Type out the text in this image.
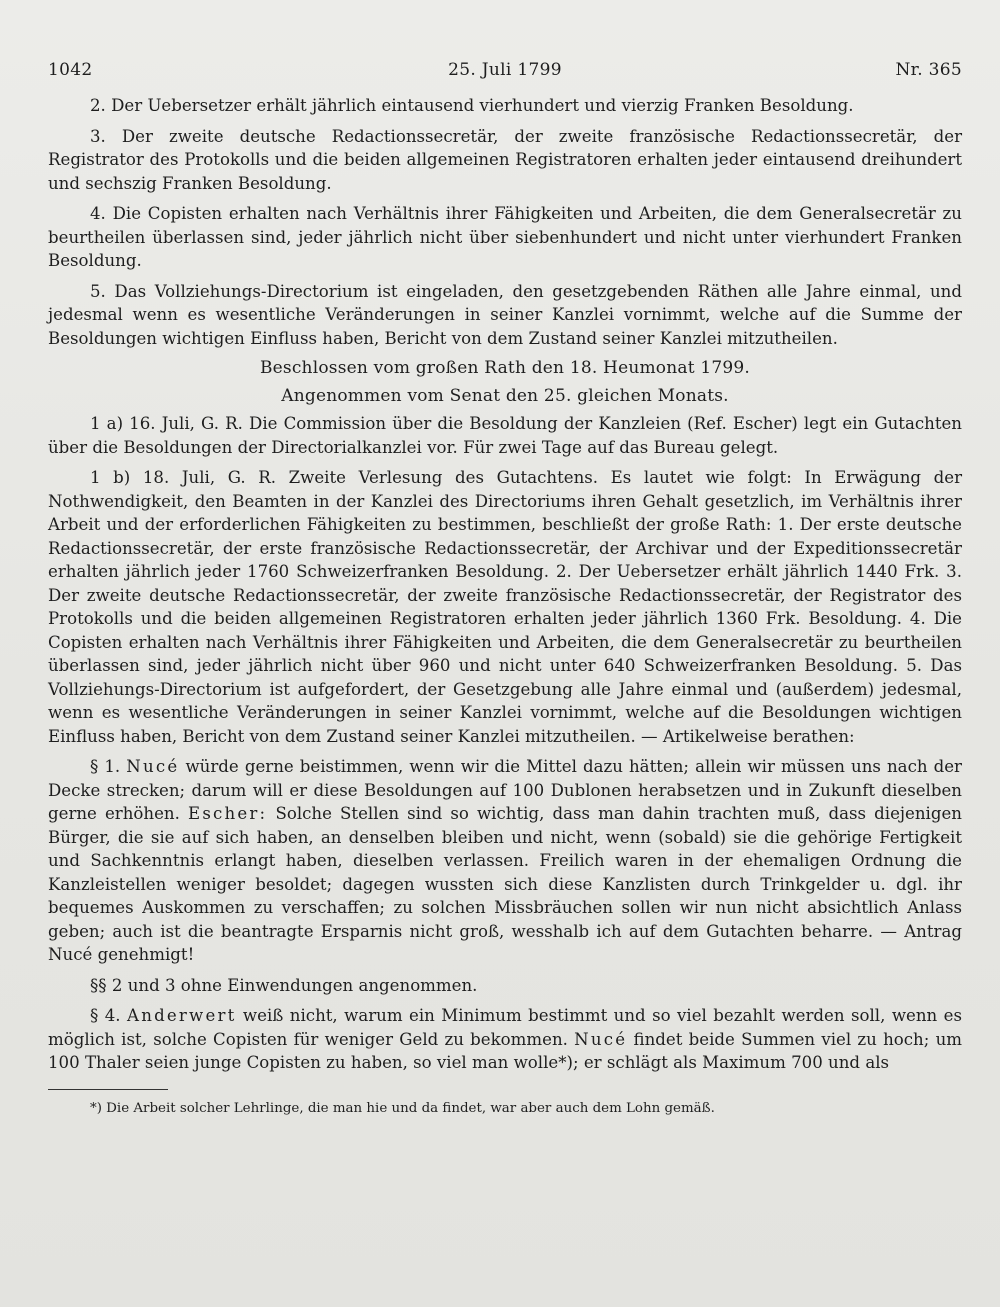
1042	25. Juli 1799	Nr. 365

2. Der Uebersetzer erhält jährlich eintausend vierhundert und vierzig Franken Besoldung.

3. Der zweite deutsche Redactionssecretär, der zweite französische Redactionssecretär, der Registrator des Protokolls und die beiden allgemeinen Registratoren erhalten jeder eintausend dreihundert und sechszig Franken Besoldung.

4. Die Copisten erhalten nach Verhältnis ihrer Fähigkeiten und Arbeiten, die dem Generalsecretär zu beurtheilen überlassen sind, jeder jährlich nicht über siebenhundert und nicht unter vierhundert Franken Besoldung.

5. Das Vollziehungs-Directorium ist eingeladen, den gesetzgebenden Räthen alle Jahre einmal, und jedesmal wenn es wesentliche Veränderungen in seiner Kanzlei vornimmt, welche auf die Summe der Besoldungen wichtigen Einfluss haben, Bericht von dem Zustand seiner Kanzlei mitzutheilen.

Beschlossen vom großen Rath den 18. Heumonat 1799.

Angenommen vom Senat den 25. gleichen Monats.

1 a) 16. Juli, G. R. Die Commission über die Besoldung der Kanzleien (Ref. Escher) legt ein Gutachten über die Besoldungen der Directorialkanzlei vor. Für zwei Tage auf das Bureau gelegt.

1 b) 18. Juli, G. R. Zweite Verlesung des Gutachtens. Es lautet wie folgt: In Erwägung der Nothwendigkeit, den Beamten in der Kanzlei des Directoriums ihren Gehalt gesetzlich, im Verhältnis ihrer Arbeit und der erforderlichen Fähigkeiten zu bestimmen, beschließt der große Rath: 1. Der erste deutsche Redactionssecretär, der erste französische Redactionssecretär, der Archivar und der Expeditionssecretär erhalten jährlich jeder 1760 Schweizerfranken Besoldung. 2. Der Uebersetzer erhält jährlich 1440 Frk. 3. Der zweite deutsche Redactionssecretär, der zweite französische Redactionssecretär, der Registrator des Protokolls und die beiden allgemeinen Registratoren erhalten jeder jährlich 1360 Frk. Besoldung. 4. Die Copisten erhalten nach Verhältnis ihrer Fähigkeiten und Arbeiten, die dem Generalsecretär zu beurtheilen überlassen sind, jeder jährlich nicht über 960 und nicht unter 640 Schweizerfranken Besoldung. 5. Das Vollziehungs-Directorium ist aufgefordert, der Gesetzgebung alle Jahre einmal und (außerdem) jedesmal, wenn es wesentliche Veränderungen in seiner Kanzlei vornimmt, welche auf die Besoldungen wichtigen Einfluss haben, Bericht von dem Zustand seiner Kanzlei mitzutheilen. — Artikelweise berathen:

§ 1. Nucé würde gerne beistimmen, wenn wir die Mittel dazu hätten; allein wir müssen uns nach der Decke strecken; darum will er diese Besoldungen auf 100 Dublonen herabsetzen und in Zukunft dieselben gerne erhöhen. Escher: Solche Stellen sind so wichtig, dass man dahin trachten muß, dass diejenigen Bürger, die sie auf sich haben, an denselben bleiben und nicht, wenn (sobald) sie die gehörige Fertigkeit und Sachkenntnis erlangt haben, dieselben verlassen. Freilich waren in der ehemaligen Ordnung die Kanzleistellen weniger besoldet; dagegen wussten sich diese Kanzlisten durch Trinkgelder u. dgl. ihr bequemes Auskommen zu verschaffen; zu solchen Missbräuchen sollen wir nun nicht absichtlich Anlass geben; auch ist die beantragte Ersparnis nicht groß, wesshalb ich auf dem Gutachten beharre. — Antrag Nucé genehmigt!

§§ 2 und 3 ohne Einwendungen angenommen.

§ 4. Anderwert weiß nicht, warum ein Minimum bestimmt und so viel bezahlt werden soll, wenn es möglich ist, solche Copisten für weniger Geld zu bekommen. Nucé findet beide Summen viel zu hoch; um 100 Thaler seien junge Copisten zu haben, so viel man wolle*); er schlägt als Maximum 700 und als

*) Die Arbeit solcher Lehrlinge, die man hie und da findet, war aber auch dem Lohn gemäß.
